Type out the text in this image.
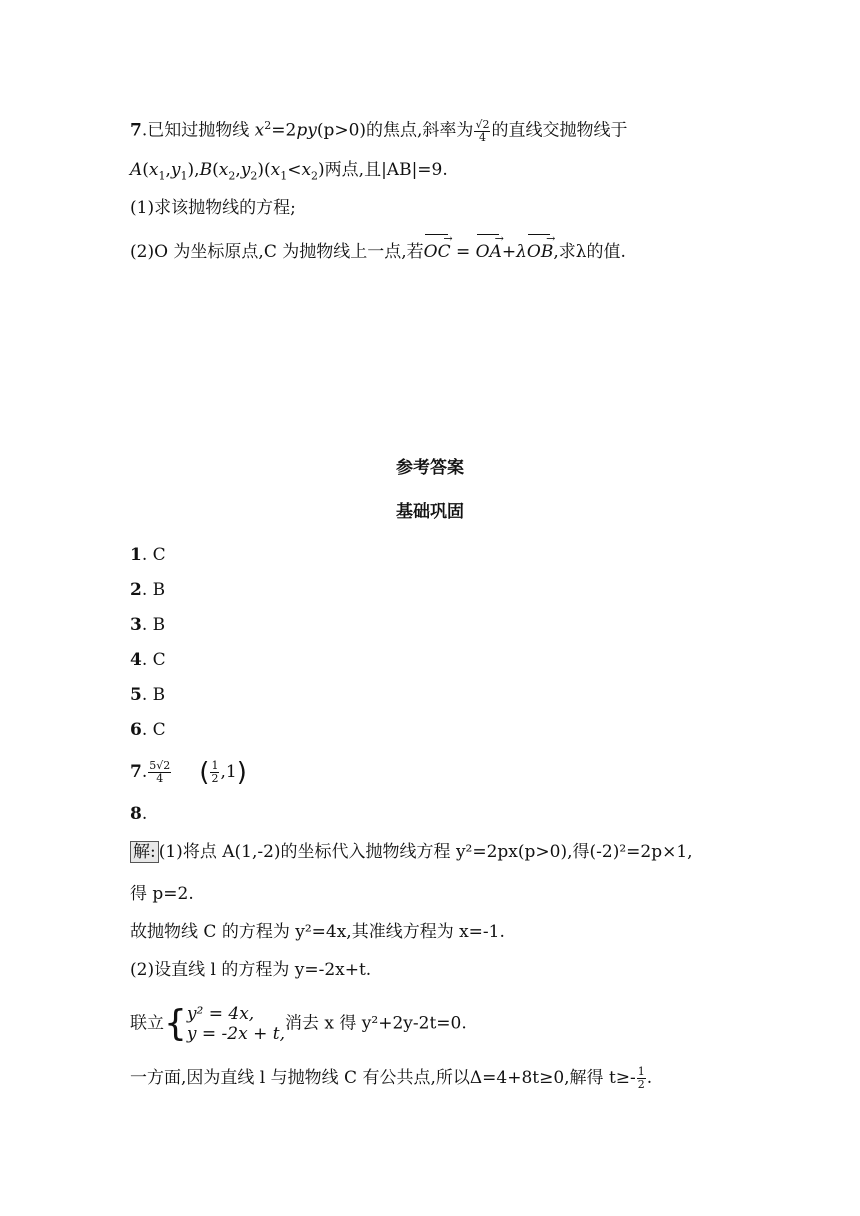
7.已知过抛物线 $x^2=2py(p>0)$的焦点,斜率为 $\frac{√2}{4}$ 的直线交抛物线于
$A(x_1,y_1),B(x_2,y_2)(x_1<x_2)$两点,且|AB|=9.
(1)求该抛物线的方程;
(2)O 为坐标原点,C 为抛物线上一点,若→ OC = → OA+λ→ OB,求λ的值.
参考答案
基础巩固
1. C
2. B
3. B
4. C
5. B
6. C
7. $\frac{5√2}{4}$ ( $\frac{1}{2} ,1$)
8.
解: (1)将点 A(1,-2)的坐标代入抛物线方程 y²=2px(p>0),得(-2)²=2p×1,
得 p=2.
故抛物线 C 的方程为 y²=4x,其准线方程为 x=-1.
(2)设直线 l 的方程为 y=-2x+t.
联立{ y² = 4x,
y = -2x + t,
消去 x 得 y²+2y-2t=0.
一方面,因为直线 l 与抛物线 C 有公共点,所以Δ=4+8t≥0,解得 $t\ge- \frac{1}{2}$ .
